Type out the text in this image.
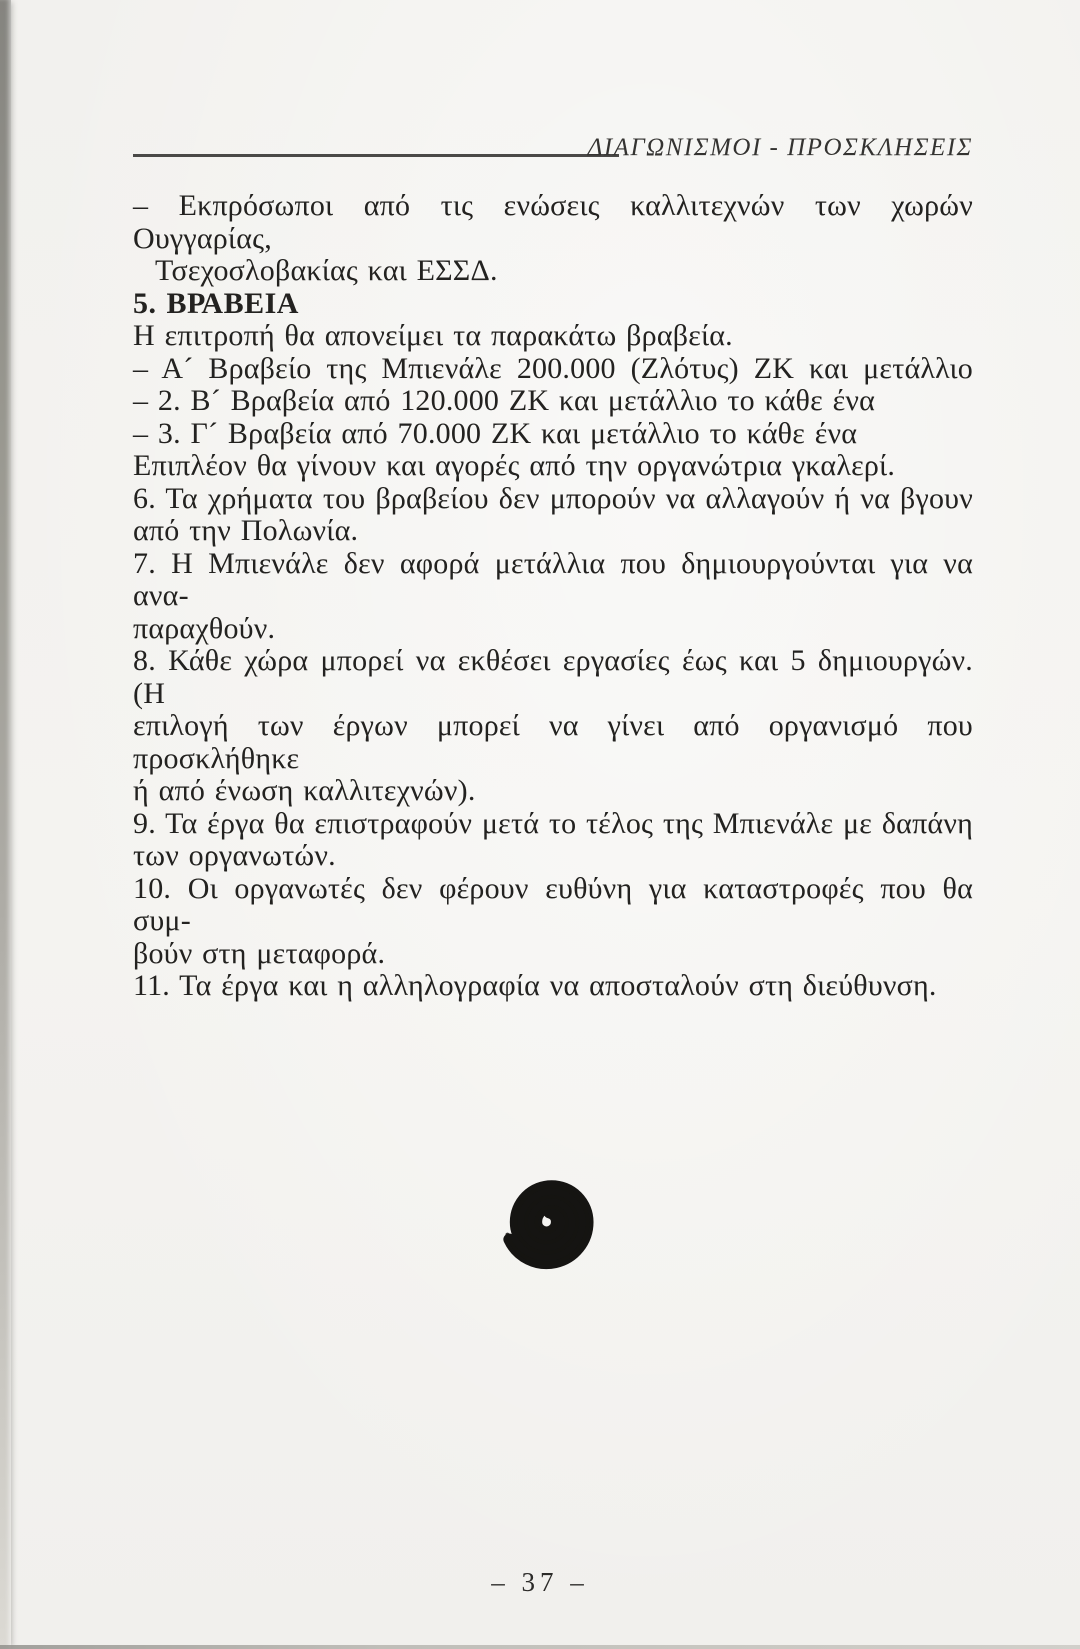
ΔΙΑΓΩΝΙΣΜΟΙ - ΠΡΟΣΚΛΗΣΕΙΣ

– Εκπρόσωποι από τις ενώσεις καλλιτεχνών των χωρών Ουγγαρίας,

Τσεχοσλοβακίας και ΕΣΣΔ.

5. ΒΡΑΒΕΙΑ

Η επιτροπή θα απονείμει τα παρακάτω βραβεία.

– Α´ Βραβείο της Μπιενάλε 200.000 (Ζλότυς) ΖΚ και μετάλλιο

– 2. Β´ Βραβεία από 120.000 ΖΚ και μετάλλιο το κάθε ένα

– 3. Γ´ Βραβεία από 70.000 ΖΚ και μετάλλιο το κάθε ένα

Επιπλέον θα γίνουν και αγορές από την οργανώτρια γκαλερί.

6. Τα χρήματα του βραβείου δεν μπορούν να αλλαγούν ή να βγουν

από την Πολωνία.

7. Η Μπιενάλε δεν αφορά μετάλλια που δημιουργούνται για να ανα-

παραχθούν.

8. Κάθε χώρα μπορεί να εκθέσει εργασίες έως και 5 δημιουργών. (Η

επιλογή των έργων μπορεί να γίνει από οργανισμό που προσκλήθηκε

ή από ένωση καλλιτεχνών).

9. Τα έργα θα επιστραφούν μετά το τέλος της Μπιενάλε με δαπάνη

των οργανωτών.

10. Οι οργανωτές δεν φέρουν ευθύνη για καταστροφές που θα συμ-

βούν στη μεταφορά.

11. Τα έργα και η αλληλογραφία να αποσταλούν στη διεύθυνση.

– 37 –
